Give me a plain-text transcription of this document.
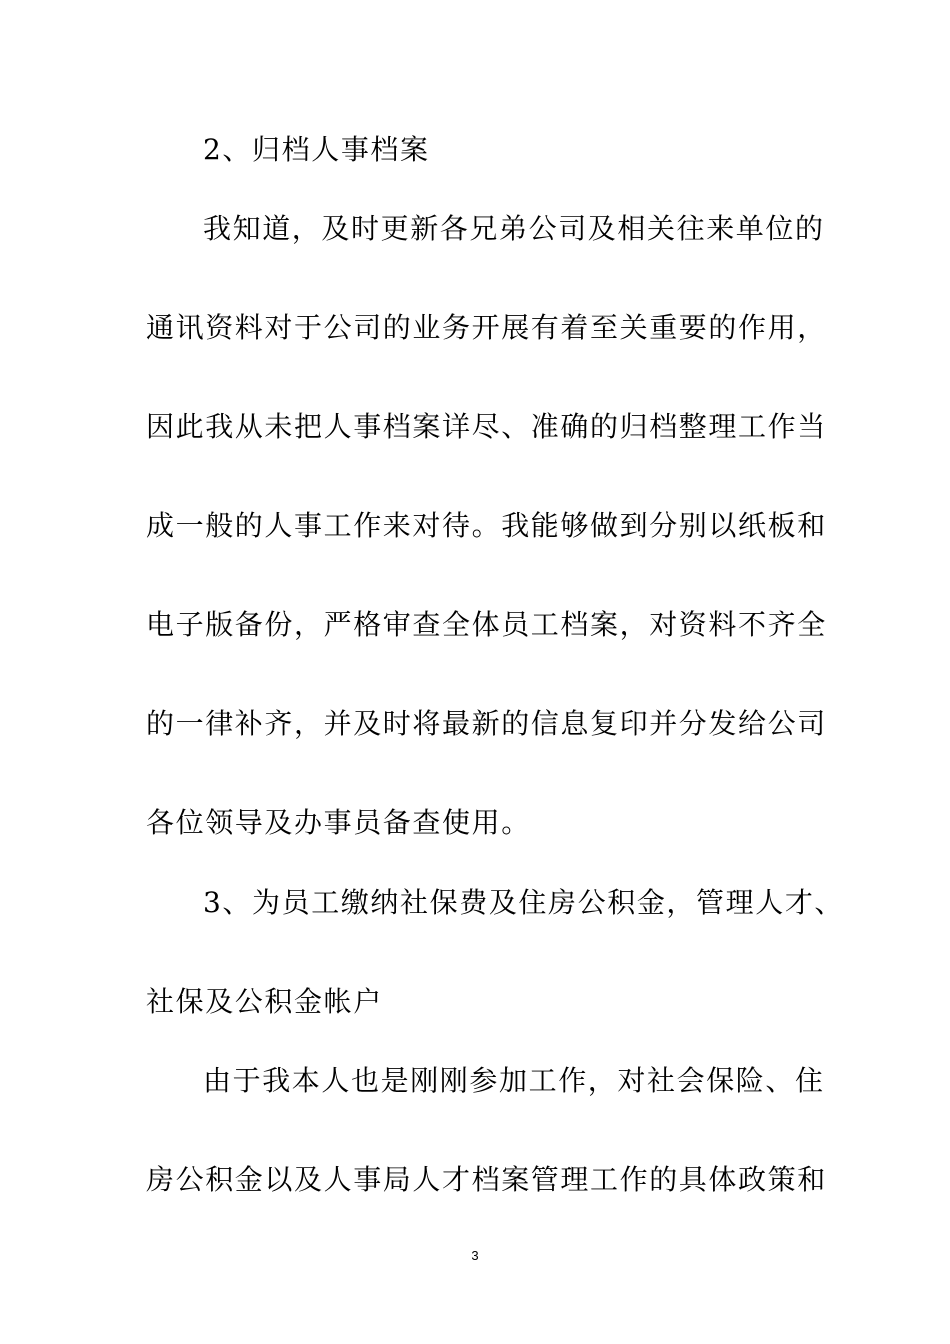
2、归档人事档案

我知道，及时更新各兄弟公司及相关往来单位的

通讯资料对于公司的业务开展有着至关重要的作用，

因此我从未把人事档案详尽、准确的归档整理工作当

成一般的人事工作来对待。我能够做到分别以纸板和

电子版备份，严格审查全体员工档案，对资料不齐全

的一律补齐，并及时将最新的信息复印并分发给公司

各位领导及办事员备查使用。

3、为员工缴纳社保费及住房公积金，管理人才、

社保及公积金帐户

由于我本人也是刚刚参加工作，对社会保险、住

房公积金以及人事局人才档案管理工作的具体政策和

3
